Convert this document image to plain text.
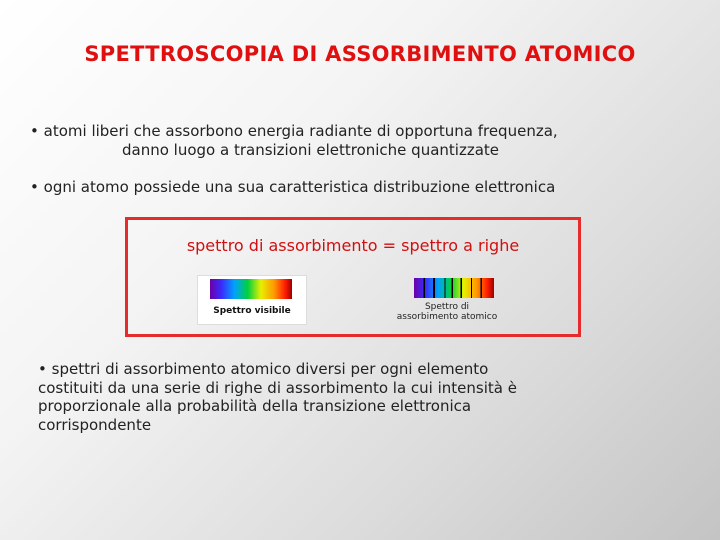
SPETTROSCOPIA DI ASSORBIMENTO ATOMICO
• atomi liberi che assorbono energia radiante di opportuna frequenza,
danno luogo a transizioni elettroniche quantizzate
• ogni atomo possiede una sua caratteristica distribuzione elettronica
spettro di assorbimento = spettro a righe
Spettro visibile	Spettro di
assorbimento atomico
• spettri di assorbimento atomico diversi per ogni elemento
costituiti da una serie di righe di assorbimento la cui intensità è
proporzionale alla probabilità della transizione elettronica
corrispondente
